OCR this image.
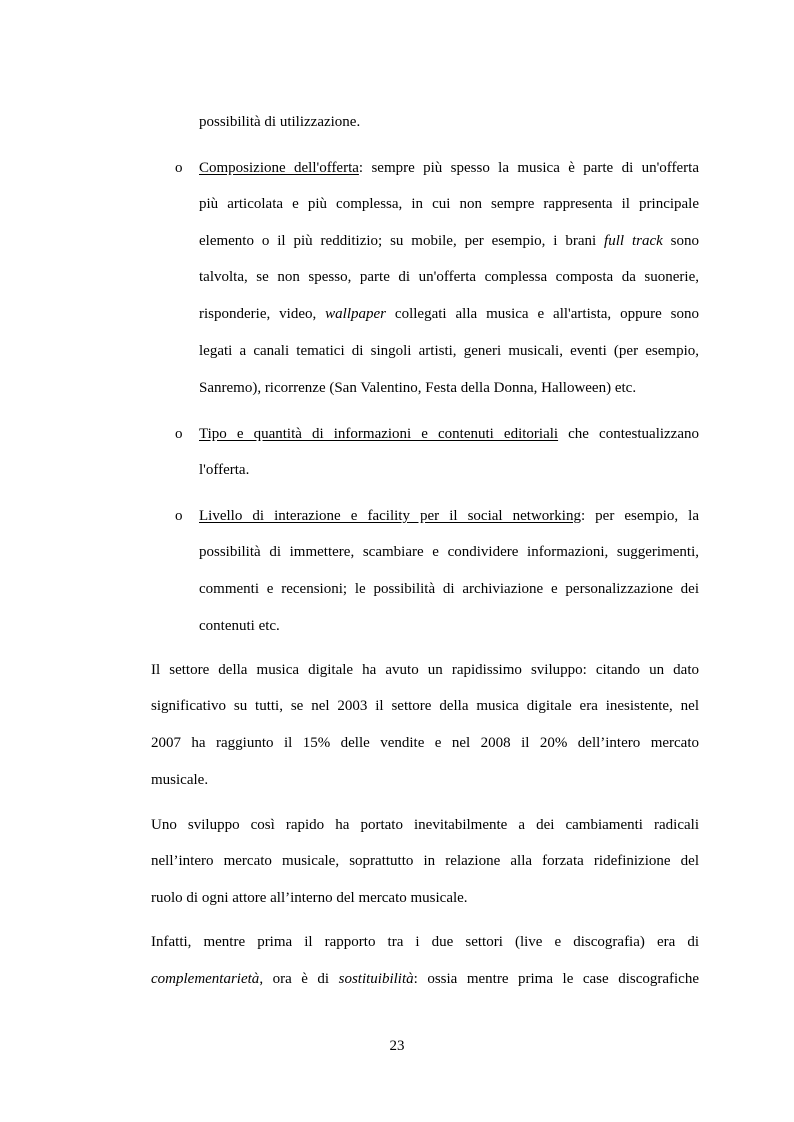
possibilità di utilizzazione.
o Composizione dell'offerta: sempre più spesso la musica è parte di un'offerta
più articolata e più complessa, in cui non sempre rappresenta il principale
elemento o il più redditizio; su mobile, per esempio, i brani full track sono
talvolta, se non spesso, parte di un'offerta complessa composta da suonerie,
risponderie, video, wallpaper collegati alla musica e all'artista, oppure sono
legati a canali tematici di singoli artisti, generi musicali, eventi (per esempio,
Sanremo), ricorrenze (San Valentino, Festa della Donna, Halloween) etc.
o Tipo e quantità di informazioni e contenuti editoriali che contestualizzano
l'offerta.
o Livello di interazione e facility per il social networking: per esempio, la
possibilità di immettere, scambiare e condividere informazioni, suggerimenti,
commenti e recensioni; le possibilità di archiviazione e personalizzazione dei
contenuti etc.
Il settore della musica digitale ha avuto un rapidissimo sviluppo: citando un dato
significativo su tutti, se nel 2003 il settore della musica digitale era inesistente, nel
2007 ha raggiunto il 15% delle vendite e nel 2008 il 20% dell’intero mercato
musicale.
Uno sviluppo così rapido ha portato inevitabilmente a dei cambiamenti radicali
nell’intero mercato musicale, soprattutto in relazione alla forzata ridefinizione del
ruolo di ogni attore all’interno del mercato musicale.
Infatti, mentre prima il rapporto tra i due settori (live e discografia) era di
complementarietà, ora è di sostituibilità: ossia mentre prima le case discografiche
23
